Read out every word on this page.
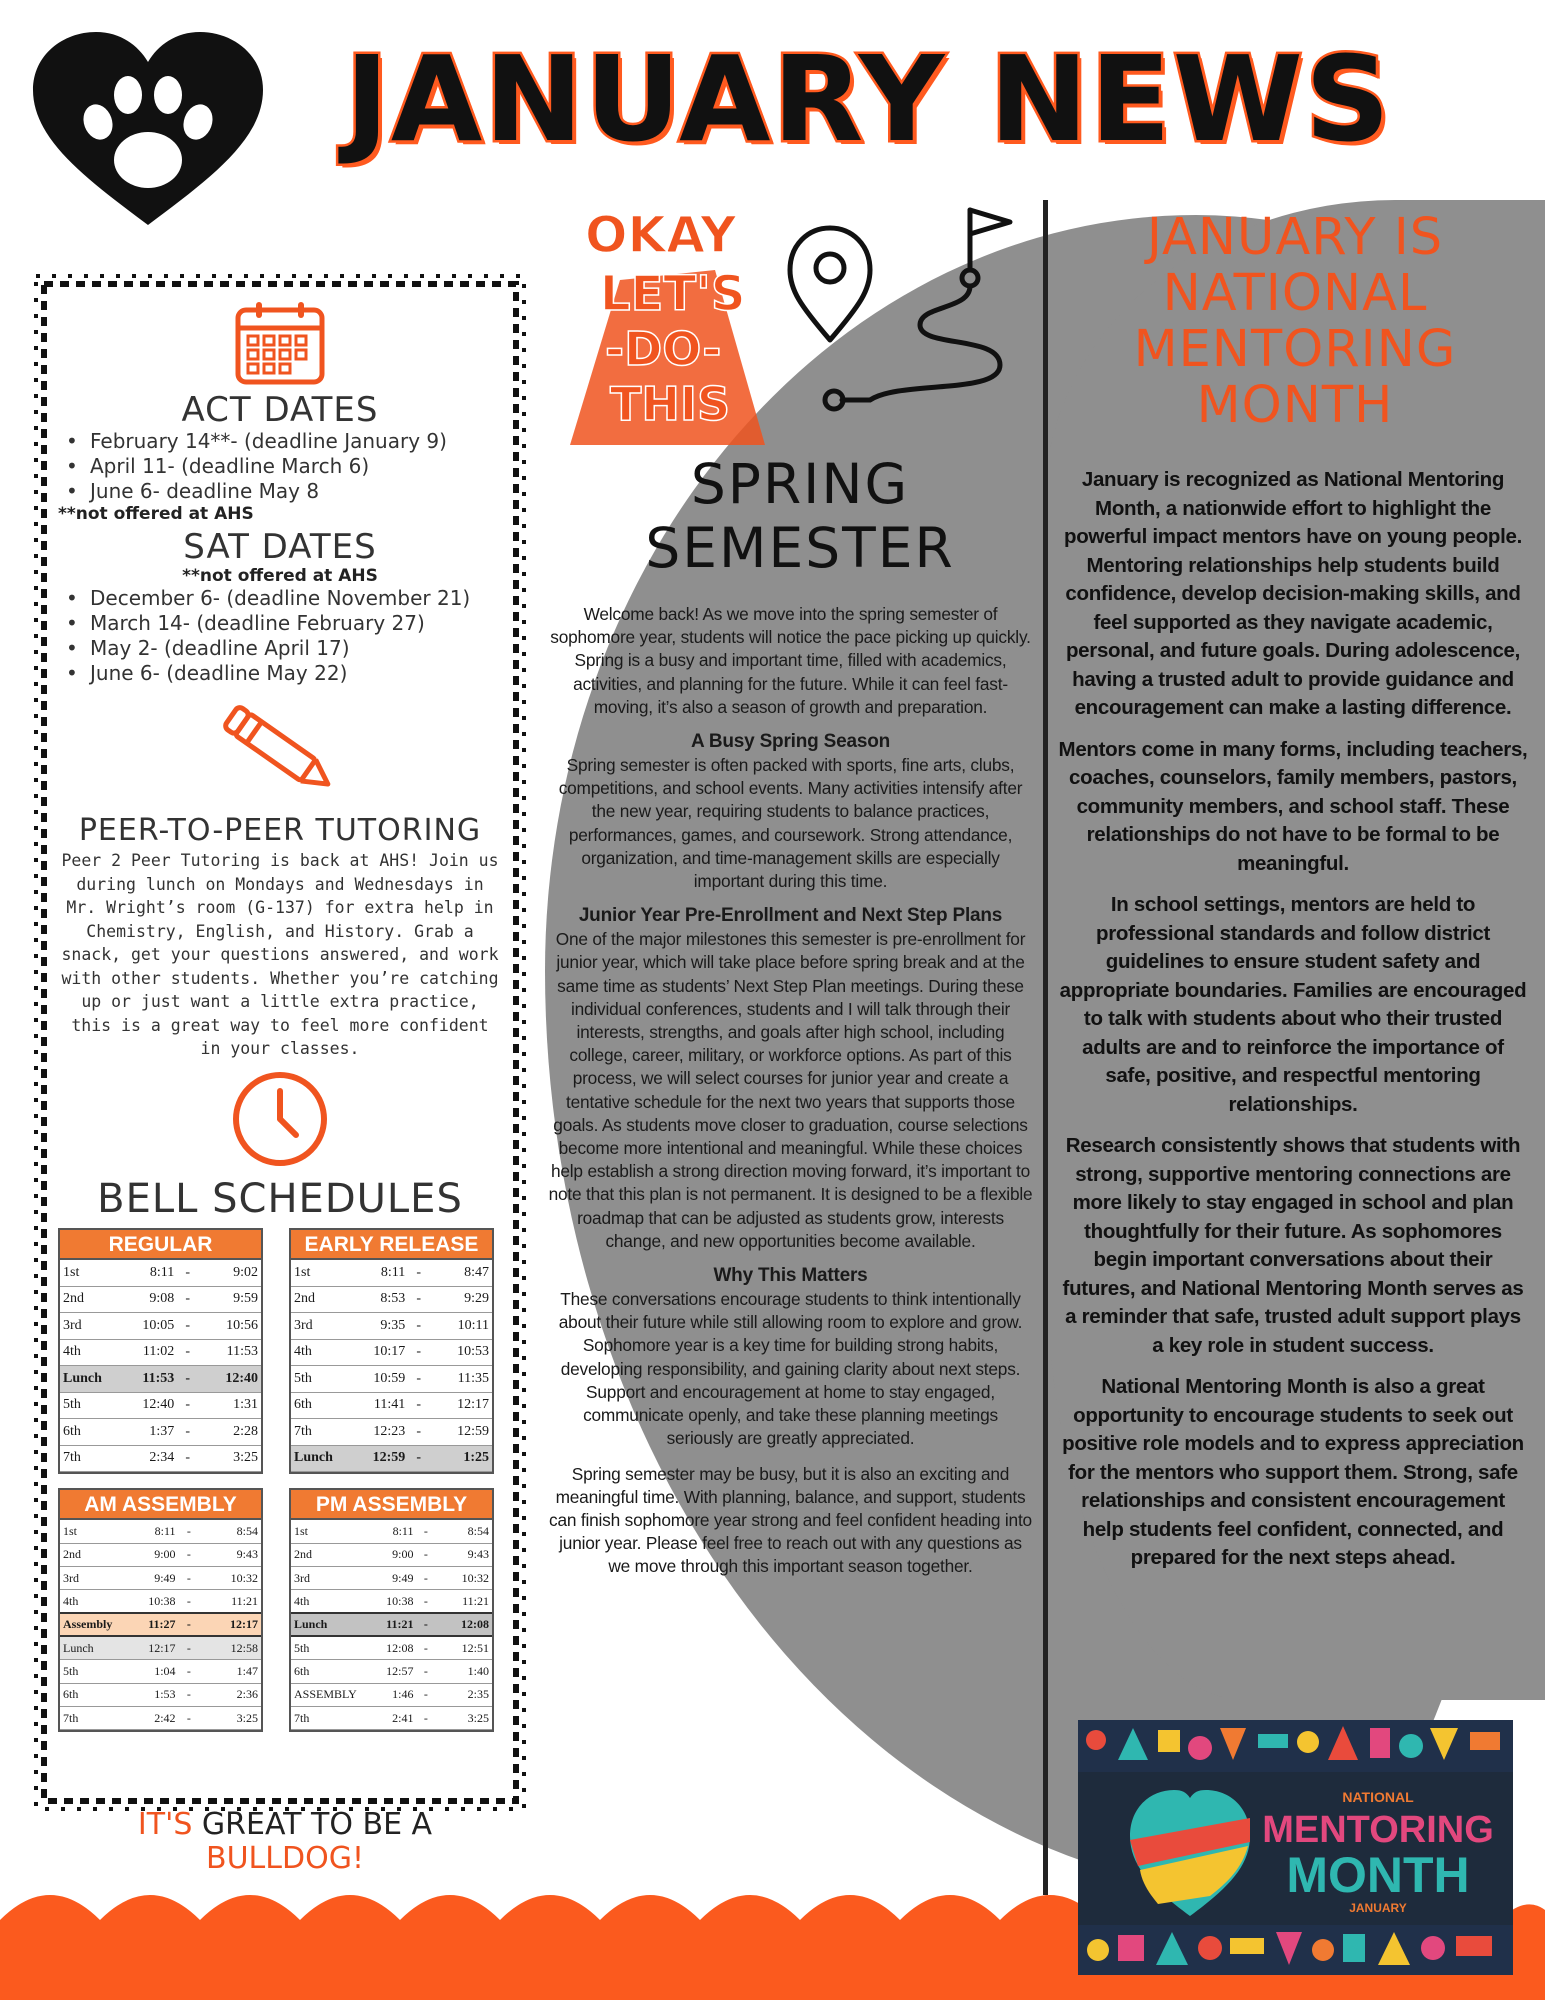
JANUARY NEWS
ACT DATES
• February 14**- (deadline January 9)
• April 11- (deadline March 6)
• June 6- deadline May 8
**not offered at AHS
SAT DATES
**not offered at AHS
• December 6- (deadline November 21)
• March 14- (deadline February 27)
• May 2- (deadline April 17)
• June 6- (deadline May 22)
PEER-TO-PEER TUTORING
Peer 2 Peer Tutoring is back at AHS! Join us during lunch on Mondays and Wednesdays in Mr. Wright’s room (G-137) for extra help in Chemistry, English, and History. Grab a snack, get your questions answered, and work with other students. Whether you’re catching up or just want a little extra practice, this is a great way to feel more confident in your classes.
BELL SCHEDULES
REGULAR
1st	8:11	-	9:02
2nd	9:08	-	9:59
3rd	10:05	-	10:56
4th	11:02	-	11:53
Lunch	11:53	-	12:40
5th	12:40	-	1:31
6th	1:37	-	2:28
7th	2:34	-	3:25
EARLY RELEASE
1st	8:11	-	8:47
2nd	8:53	-	9:29
3rd	9:35	-	10:11
4th	10:17	-	10:53
5th	10:59	-	11:35
6th	11:41	-	12:17
7th	12:23	-	12:59
Lunch	12:59	-	1:25
AM ASSEMBLY
1st	8:11	-	8:54
2nd	9:00	-	9:43
3rd	9:49	-	10:32
4th	10:38	-	11:21
Assembly	11:27	-	12:17
Lunch	12:17	-	12:58
5th	1:04	-	1:47
6th	1:53	-	2:36
7th	2:42	-	3:25
PM ASSEMBLY
1st	8:11	-	8:54
2nd	9:00	-	9:43
3rd	9:49	-	10:32
4th	10:38	-	11:21
Lunch	11:21	-	12:08
5th	12:08	-	12:51
6th	12:57	-	1:40
ASSEMBLY	1:46	-	2:35
7th	2:41	-	3:25
IT'S GREAT TO BE A
BULLDOG!
OKAY
LET'S
-DO-
THIS
SPRING
SEMESTER

Welcome back! As we move into the spring semester of sophomore year, students will notice the pace picking up quickly. Spring is a busy and important time, filled with academics, activities, and planning for the future. While it can feel fast-moving, it’s also a season of growth and preparation.

A Busy Spring Season

Spring semester is often packed with sports, fine arts, clubs, competitions, and school events. Many activities intensify after the new year, requiring students to balance practices, performances, games, and coursework. Strong attendance, organization, and time-management skills are especially important during this time.

Junior Year Pre-Enrollment and Next Step Plans

One of the major milestones this semester is pre-enrollment for junior year, which will take place before spring break and at the same time as students’ Next Step Plan meetings. During these individual conferences, students and I will talk through their interests, strengths, and goals after high school, including college, career, military, or workforce options. As part of this process, we will select courses for junior year and create a tentative schedule for the next two years that supports those goals. As students move closer to graduation, course selections become more intentional and meaningful. While these choices help establish a strong direction moving forward, it’s important to note that this plan is not permanent. It is designed to be a flexible roadmap that can be adjusted as students grow, interests change, and new opportunities become available.

Why This Matters

These conversations encourage students to think intentionally about their future while still allowing room to explore and grow. Sophomore year is a key time for building strong habits, developing responsibility, and gaining clarity about next steps. Support and encouragement at home to stay engaged, communicate openly, and take these planning meetings seriously are greatly appreciated.

Spring semester may be busy, but it is also an exciting and meaningful time. With planning, balance, and support, students can finish sophomore year strong and feel confident heading into junior year. Please feel free to reach out with any questions as we move through this important season together.

JANUARY IS NATIONAL MENTORING MONTH

January is recognized as National Mentoring Month, a nationwide effort to highlight the powerful impact mentors have on young people. Mentoring relationships help students build confidence, develop decision-making skills, and feel supported as they navigate academic, personal, and future goals. During adolescence, having a trusted adult to provide guidance and encouragement can make a lasting difference.

Mentors come in many forms, including teachers, coaches, counselors, family members, pastors, community members, and school staff. These relationships do not have to be formal to be meaningful.

In school settings, mentors are held to professional standards and follow district guidelines to ensure student safety and appropriate boundaries. Families are encouraged to talk with students about who their trusted adults are and to reinforce the importance of safe, positive, and respectful mentoring relationships.

Research consistently shows that students with strong, supportive mentoring connections are more likely to stay engaged in school and plan thoughtfully for their future. As sophomores begin important conversations about their futures, and National Mentoring Month serves as a reminder that safe, trusted adult support plays a key role in student success.

National Mentoring Month is also a great opportunity to encourage students to seek out positive role models and to express appreciation for the mentors who support them. Strong, safe relationships and consistent encouragement help students feel confident, connected, and prepared for the next steps ahead.

NATIONAL
MENTORING
MONTH
JANUARY
